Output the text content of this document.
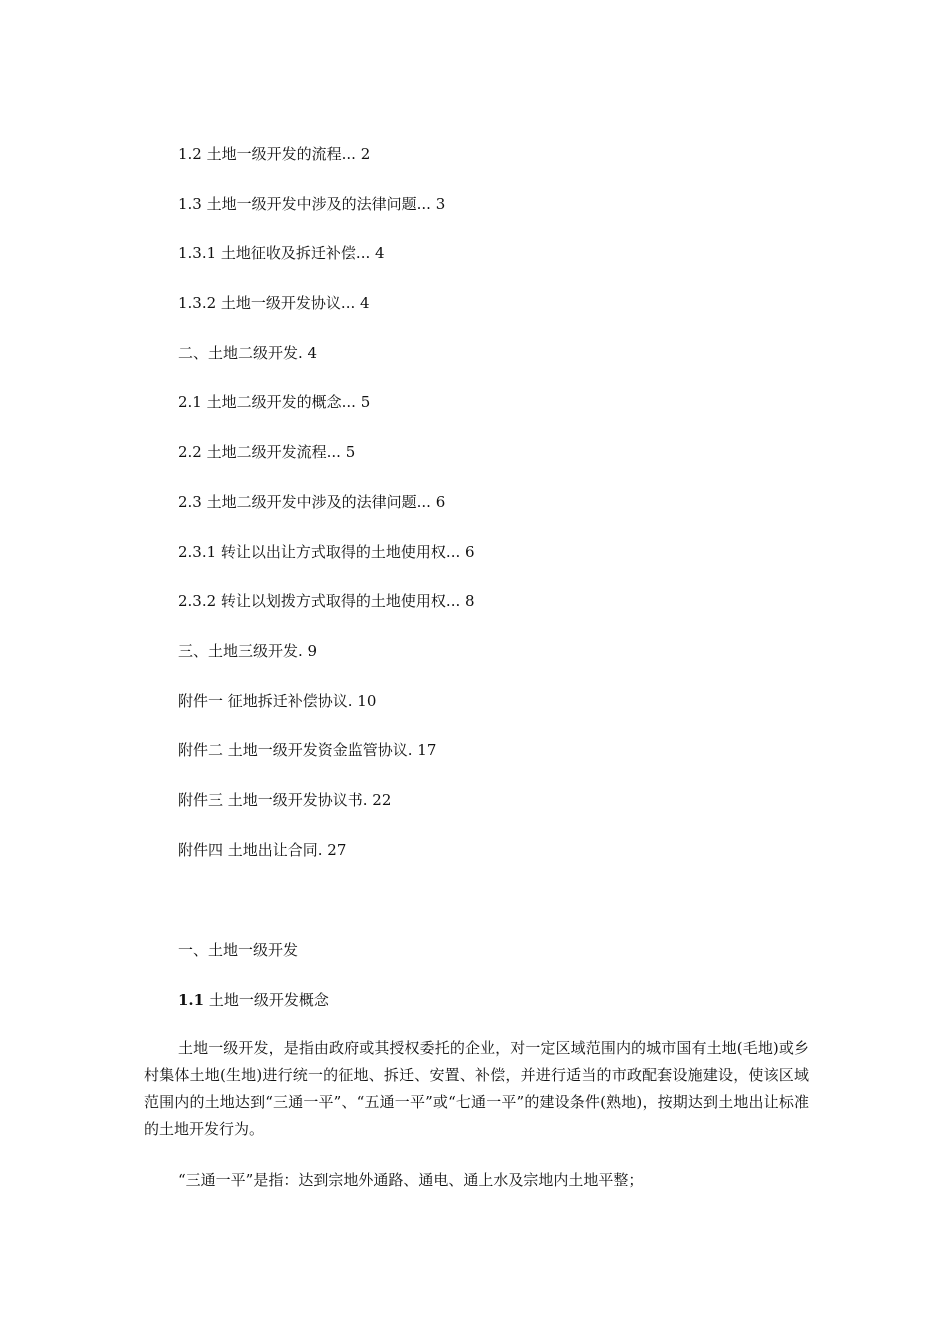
1.2 土地一级开发的流程... 2
1.3 土地一级开发中涉及的法律问题... 3
1.3.1 土地征收及拆迁补偿... 4
1.3.2 土地一级开发协议... 4
二、土地二级开发. 4
2.1 土地二级开发的概念... 5
2.2 土地二级开发流程... 5
2.3 土地二级开发中涉及的法律问题... 6
2.3.1 转让以出让方式取得的土地使用权... 6
2.3.2 转让以划拨方式取得的土地使用权... 8
三、土地三级开发. 9
附件一 征地拆迁补偿协议. 10
附件二 土地一级开发资金监管协议. 17
附件三 土地一级开发协议书. 22
附件四 土地出让合同. 27
一、土地一级开发
1.1 土地一级开发概念

土地一级开发，是指由政府或其授权委托的企业，对一定区域范围内的城市国有土地(毛地)或乡村集体土地(生地)进行统一的征地、拆迁、安置、补偿，并进行适当的市政配套设施建设，使该区域范围内的土地达到“三通一平”、“五通一平”或“七通一平”的建设条件(熟地)，按期达到土地出让标准的土地开发行为。

“三通一平”是指：达到宗地外通路、通电、通上水及宗地内土地平整；
